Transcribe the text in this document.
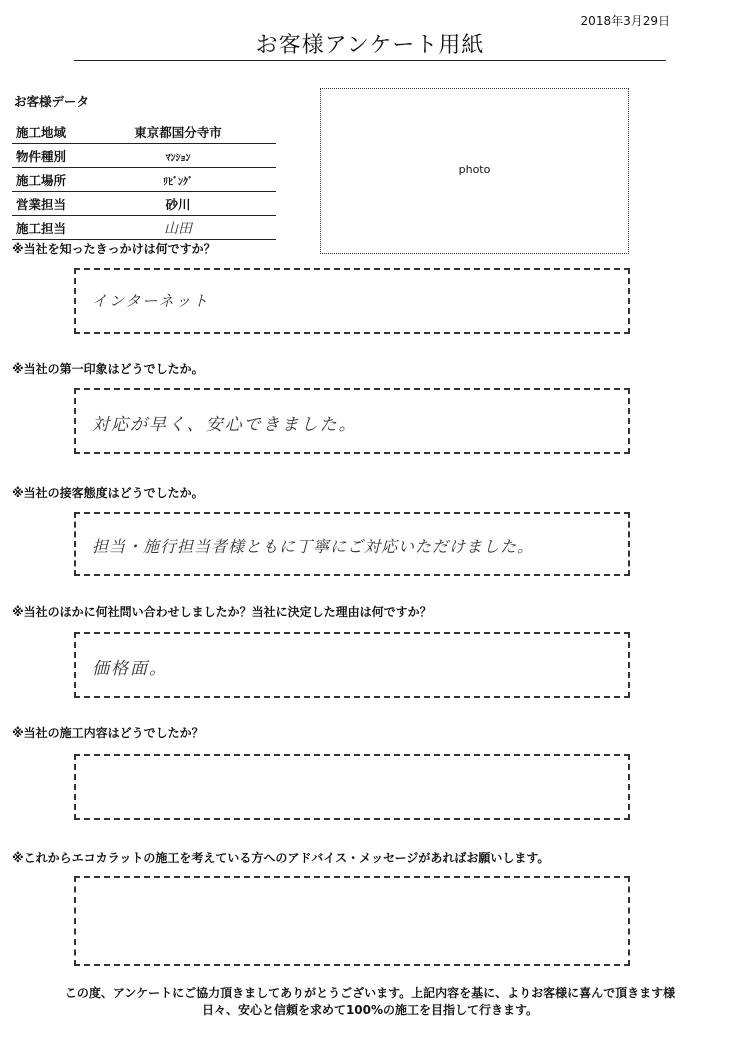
2018年3月29日
お客様アンケート用紙
お客様データ
施工地域	東京都国分寺市
物件種別	ﾏﾝｼｮﾝ
施工場所	ﾘﾋﾞﾝｸﾞ
営業担当	砂川
施工担当	山田
photo
※当社を知ったきっかけは何ですか？
インターネット
※当社の第一印象はどうでしたか。
対応が早く、安心できました。
※当社の接客態度はどうでしたか。
担当・施行担当者様ともに丁寧にご対応いただけました。
※当社のほかに何社問い合わせしましたか？当社に決定した理由は何ですか？
価格面。
※当社の施工内容はどうでしたか？
※これからエコカラットの施工を考えている方へのアドバイス・メッセージがあればお願いします。
この度、アンケートにご協力頂きましてありがとうございます。上記内容を基に、よりお客様に喜んで頂きます様
日々、安心と信頼を求めて100%の施工を目指して行きます。
